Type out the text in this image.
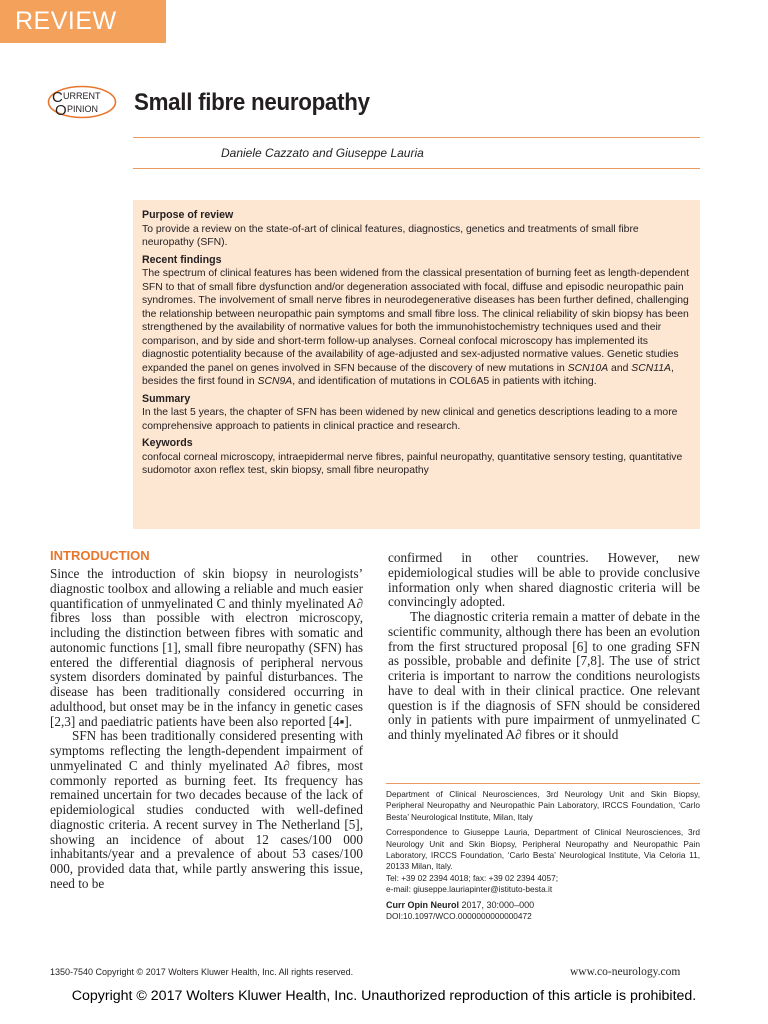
REVIEW
C URRENT
O PINION Small fibre neuropathy
Daniele Cazzato and Giuseppe Lauria

Purpose of review

To provide a review on the state-of-art of clinical features, diagnostics, genetics and treatments of small fibre neuropathy (SFN).

Recent findings

The spectrum of clinical features has been widened from the classical presentation of burning feet as length-dependent SFN to that of small fibre dysfunction and/or degeneration associated with focal, diffuse and episodic neuropathic pain syndromes. The involvement of small nerve fibres in neurodegenerative diseases has been further defined, challenging the relationship between neuropathic pain symptoms and small fibre loss. The clinical reliability of skin biopsy has been strengthened by the availability of normative values for both the immunohistochemistry techniques used and their comparison, and by side and short-term follow-up analyses. Corneal confocal microscopy has implemented its diagnostic potentiality because of the availability of age-adjusted and sex-adjusted normative values. Genetic studies expanded the panel on genes involved in SFN because of the discovery of new mutations in SCN10A and SCN11A, besides the first found in SCN9A, and identification of mutations in COL6A5 in patients with itching.

Summary

In the last 5 years, the chapter of SFN has been widened by new clinical and genetics descriptions leading to a more comprehensive approach to patients in clinical practice and research.

Keywords

confocal corneal microscopy, intraepidermal nerve fibres, painful neuropathy, quantitative sensory testing, quantitative sudomotor axon reflex test, skin biopsy, small fibre neuropathy

INTRODUCTION

Since the introduction of skin biopsy in neurologists’ diagnostic toolbox and allowing a reliable and much easier quantification of unmyelinated C and thinly myelinated A∂ fibres loss than possible with electron microscopy, including the distinction between fibres with somatic and autonomic functions [1], small fibre neuropathy (SFN) has entered the differential diagnosis of peripheral nervous system disorders dominated by painful disturbances. The disease has been traditionally considered occurring in adulthood, but onset may be in the infancy in genetic cases [2,3] and paediatric patients have been also reported [4▪].

SFN has been traditionally considered presenting with symptoms reflecting the length-dependent impairment of unmyelinated C and thinly myelinated A∂ fibres, most commonly reported as burning feet. Its frequency has remained uncertain for two decades because of the lack of epidemiological studies conducted with well-defined diagnostic criteria. A recent survey in The Netherland [5], showing an incidence of about 12 cases/100 000 inhabitants/year and a prevalence of about 53 cases/100 000, provided data that, while partly answering this issue, need to be

confirmed in other countries. However, new epidemiological studies will be able to provide conclusive information only when shared diagnostic criteria will be convincingly adopted.

The diagnostic criteria remain a matter of debate in the scientific community, although there has been an evolution from the first structured proposal [6] to one grading SFN as possible, probable and definite [7,8]. The use of strict criteria is important to narrow the conditions neurologists have to deal with in their clinical practice. One relevant question is if the diagnosis of SFN should be considered only in patients with pure impairment of unmyelinated C and thinly myelinated A∂ fibres or it should

Department of Clinical Neurosciences, 3rd Neurology Unit and Skin Biopsy, Peripheral Neuropathy and Neuropathic Pain Laboratory, IRCCS Foundation, ‘Carlo Besta’ Neurological Institute, Milan, Italy

Correspondence to Giuseppe Lauria, Department of Clinical Neurosciences, 3rd Neurology Unit and Skin Biopsy, Peripheral Neuropathy and Neuropathic Pain Laboratory, IRCCS Foundation, ‘Carlo Besta’ Neurological Institute, Via Celoria 11, 20133 Milan, Italy.

Tel: +39 02 2394 4018; fax: +39 02 2394 4057;

e-mail: giuseppe.lauriapinter@istituto-besta.it

Curr Opin Neurol 2017, 30:000–000

DOI:10.1097/WCO.0000000000000472

1350-7540 Copyright © 2017 Wolters Kluwer Health, Inc. All rights reserved.	www.co-neurology.com
Copyright © 2017 Wolters Kluwer Health, Inc. Unauthorized reproduction of this article is prohibited.
